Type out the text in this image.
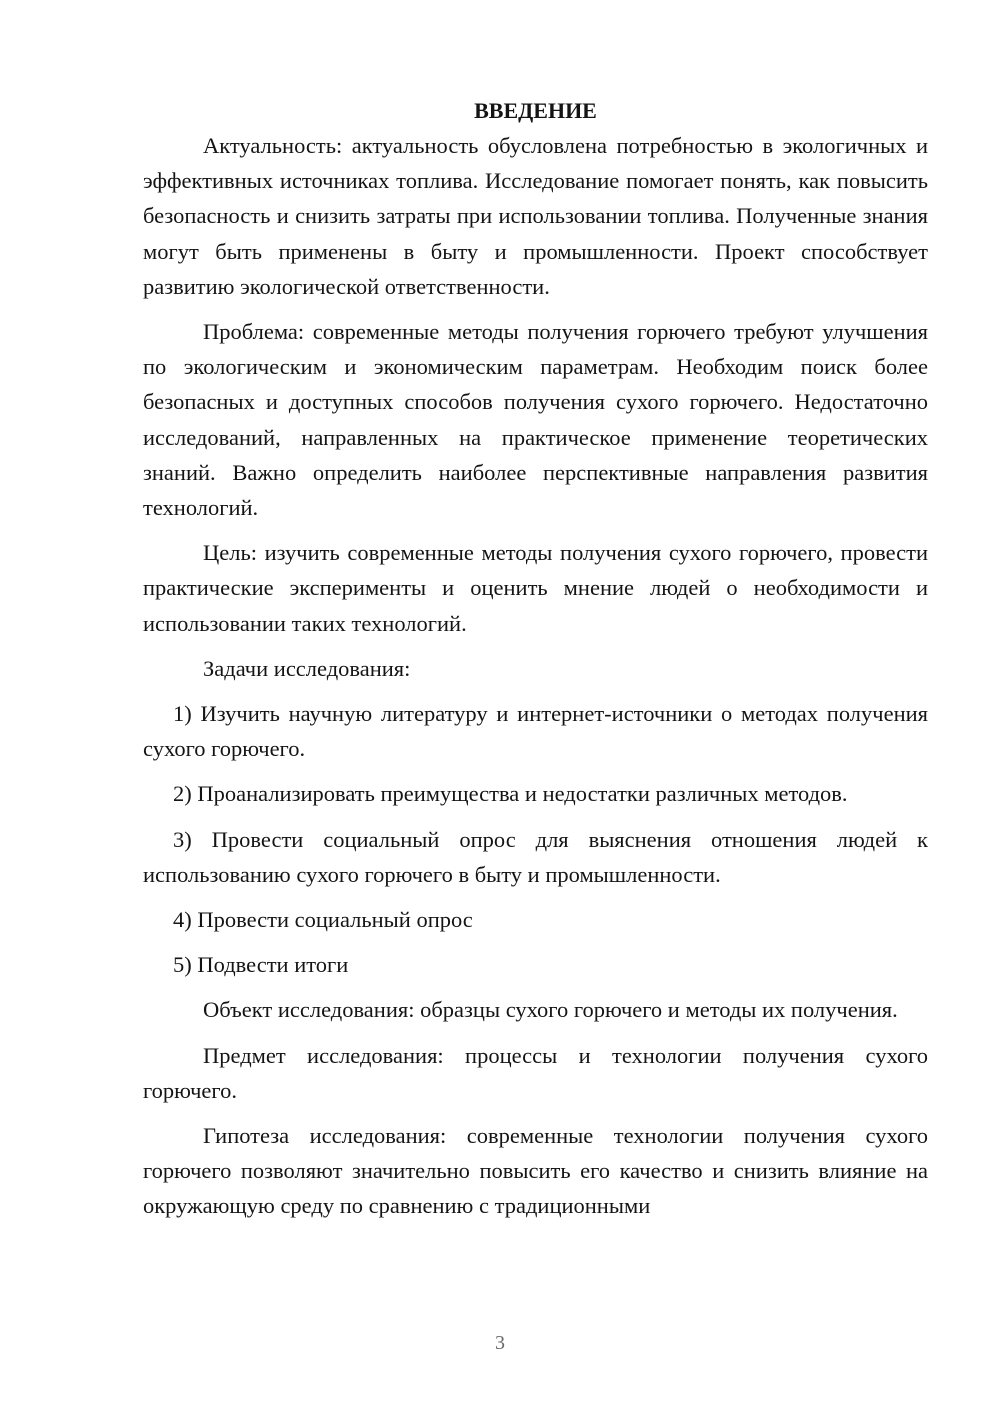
ВВЕДЕНИЕ

Актуальность: актуальность обусловлена потребностью в экологичных и эффективных источниках топлива. Исследование помогает понять, как повысить безопасность и снизить затраты при использовании топлива. Полученные знания могут быть применены в быту и промышленности. Проект способствует развитию экологической ответственности.

Проблема: современные методы получения горючего требуют улучшения по экологическим и экономическим параметрам. Необходим поиск более безопасных и доступных способов получения сухого горючего. Недостаточно исследований, направленных на практическое применение теоретических знаний. Важно определить наиболее перспективные направления развития технологий.

Цель: изучить современные методы получения сухого горючего, провести практические эксперименты и оценить мнение людей о необходимости и использовании таких технологий.

Задачи исследования:

1) Изучить научную литературу и интернет-источники о методах получения сухого горючего.

2) Проанализировать преимущества и недостатки различных методов.

3) Провести социальный опрос для выяснения отношения людей к использованию сухого горючего в быту и промышленности.

4) Провести социальный опрос

5) Подвести итоги

Объект исследования: образцы сухого горючего и методы их получения.

Предмет исследования: процессы и технологии получения сухого горючего.

Гипотеза исследования: современные технологии получения сухого горючего позволяют значительно повысить его качество и снизить влияние на окружающую среду по сравнению с традиционными

3
